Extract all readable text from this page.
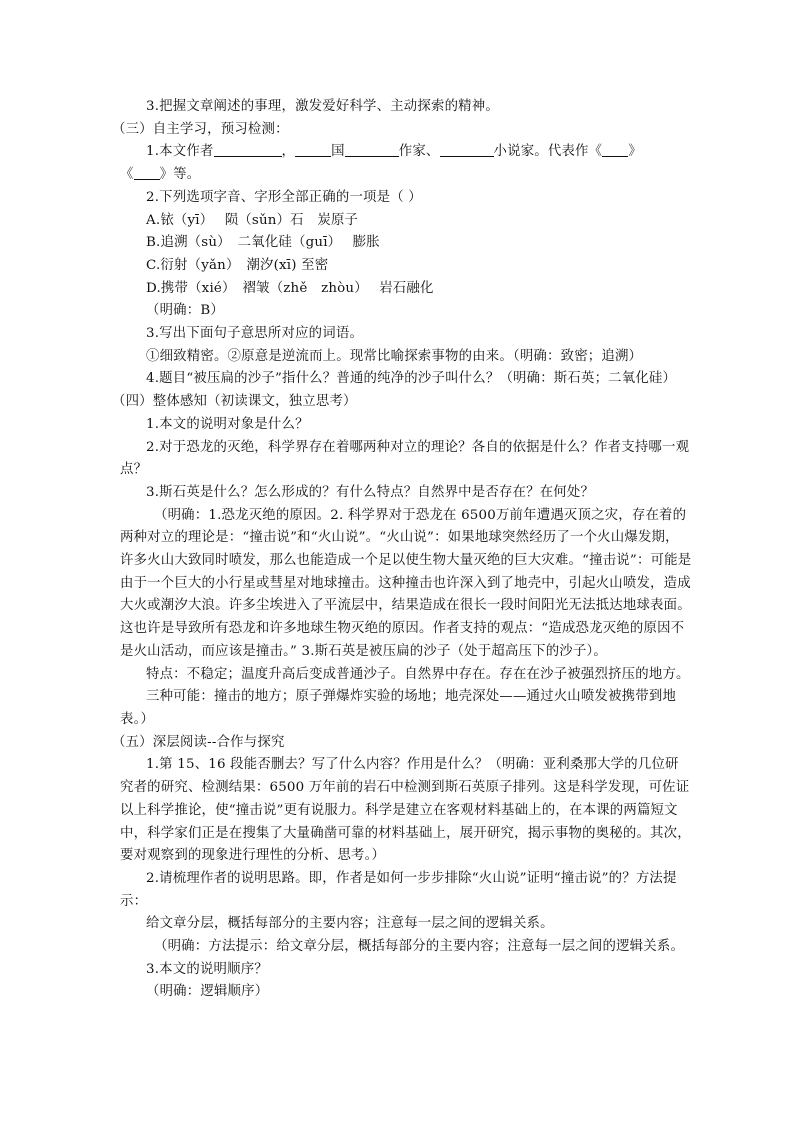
3.把握文章阐述的事理，激发爱好科学、主动探索的精神。

（三）自主学习，预习检测：

1.本文作者	，	国	作家、	小说家。代表作《 》
《 》等。

2.下列选项字音、字形全部正确的一项是（ ）

A.铱（yī）　 陨（sǔn）石　炭原子

B.追溯（sù）　二氧化硅（guī）　 膨胀

C.衍射（yǎn）　潮汐(xī) 至密

D.携带（xié）　褶皱（zhě　zhòu）　 岩石融化

（明确：B）

3.写出下面句子意思所对应的词语。

①细致精密。②原意是逆流而上。现常比喻探索事物的由来。（明确：致密；追溯）

4.题目“被压扁的沙子”指什么？普通的纯净的沙子叫什么？（明确：斯石英；二氧化硅）

（四）整体感知（初读课文，独立思考）

1.本文的说明对象是什么？

2.对于恐龙的灭绝，科学界存在着哪两种对立的理论？各自的依据是什么？作者支持哪一观点？

3.斯石英是什么？怎么形成的？有什么特点？自然界中是否存在？在何处？

（明确：1.恐龙灭绝的原因。2. 科学界对于恐龙在 6500万前年遭遇灭顶之灾，存在着的两种对立的理论是：“撞击说”和“火山说”。“火山说”：如果地球突然经历了一个火山爆发期，许多火山大致同时喷发，那么也能造成一个足以使生物大量灭绝的巨大灾难。“撞击说”：可能是由于一个巨大的小行星或彗星对地球撞击。这种撞击也许深入到了地壳中，引起火山喷发，造成大火或潮汐大浪。许多尘埃进入了平流层中，结果造成在很长一段时间阳光无法抵达地球表面。这也许是导致所有恐龙和许多地球生物灭绝的原因。作者支持的观点：“造成恐龙灭绝的原因不是火山活动，而应该是撞击。” 3.斯石英是被压扁的沙子（处于超高压下的沙子）。

特点：不稳定；温度升高后变成普通沙子。自然界中存在。存在在沙子被强烈挤压的地方。

三种可能：撞击的地方；原子弹爆炸实验的场地；地壳深处——通过火山喷发被携带到地表。）

（五）深层阅读--合作与探究

1.第 15、16 段能否删去？写了什么内容？作用是什么？（明确：亚利桑那大学的几位研究者的研究、检测结果：6500 万年前的岩石中检测到斯石英原子排列。这是科学发现，可佐证以上科学推论，使“撞击说”更有说服力。科学是建立在客观材料基础上的，在本课的两篇短文中，科学家们正是在搜集了大量确凿可靠的材料基础上，展开研究，揭示事物的奥秘的。其次，要对观察到的现象进行理性的分析、思考。）

2.请梳理作者的说明思路。即，作者是如何一步步排除“火山说”证明“撞击说”的？方法提示：

给文章分层，概括每部分的主要内容；注意每一层之间的逻辑关系。

（明确：方法提示：给文章分层，概括每部分的主要内容；注意每一层之间的逻辑关系。

3.本文的说明顺序？

（明确：逻辑顺序）
